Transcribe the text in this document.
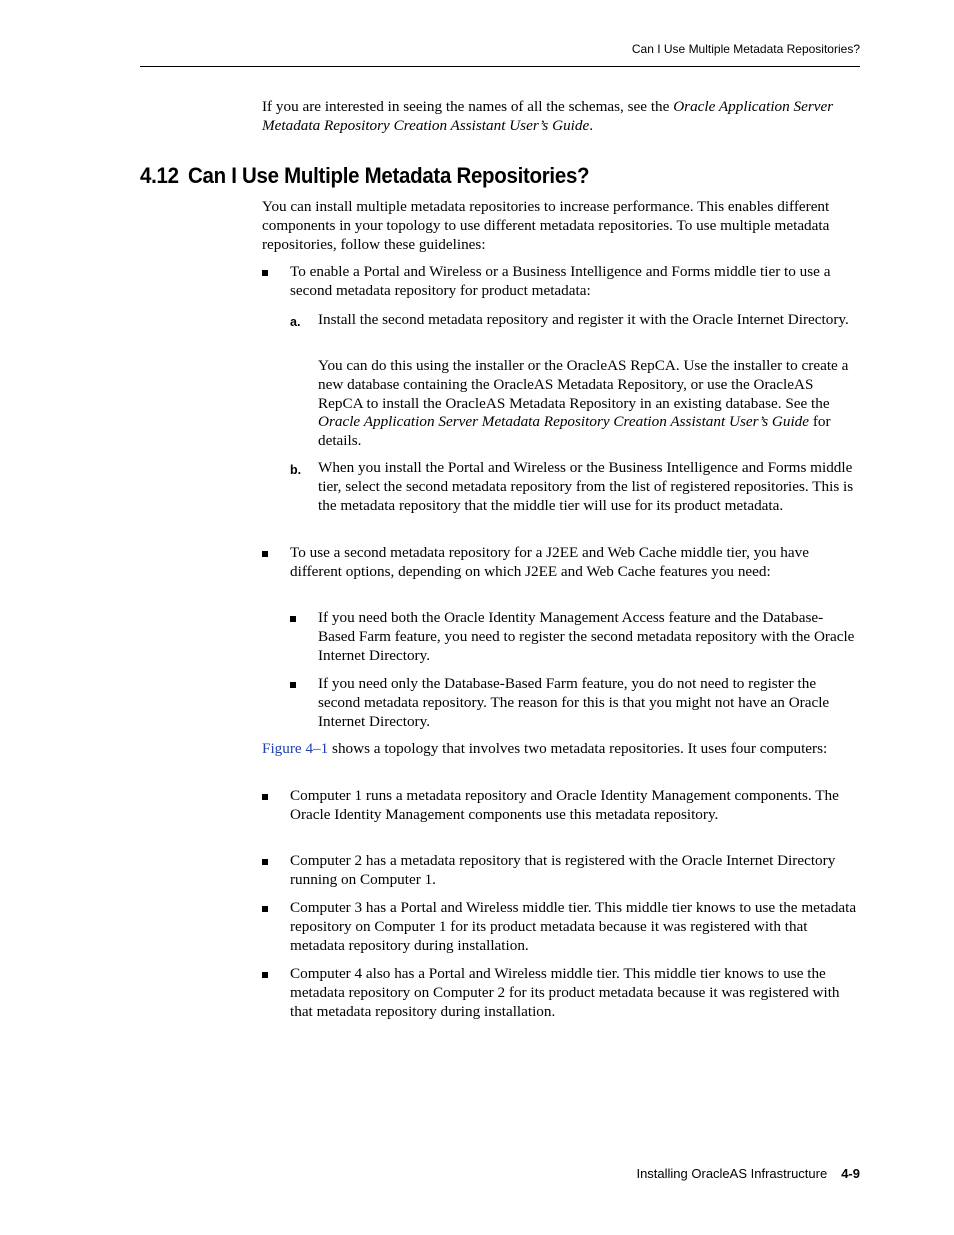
Can I Use Multiple Metadata Repositories?

If you are interested in seeing the names of all the schemas, see the Oracle Application Server Metadata Repository Creation Assistant User’s Guide.

4.12 Can I Use Multiple Metadata Repositories?

You can install multiple metadata repositories to increase performance. This enables different components in your topology to use different metadata repositories. To use multiple metadata repositories, follow these guidelines:

To enable a Portal and Wireless or a Business Intelligence and Forms middle tier to use a second metadata repository for product metadata:
a. Install the second metadata repository and register it with the Oracle Internet Directory.
You can do this using the installer or the OracleAS RepCA. Use the installer to create a new database containing the OracleAS Metadata Repository, or use the OracleAS RepCA to install the OracleAS Metadata Repository in an existing database. See the Oracle Application Server Metadata Repository Creation Assistant User’s Guide for details.
b. When you install the Portal and Wireless or the Business Intelligence and Forms middle tier, select the second metadata repository from the list of registered repositories. This is the metadata repository that the middle tier will use for its product metadata.
To use a second metadata repository for a J2EE and Web Cache middle tier, you have different options, depending on which J2EE and Web Cache features you need:
If you need both the Oracle Identity Management Access feature and the Database-Based Farm feature, you need to register the second metadata repository with the Oracle Internet Directory.
If you need only the Database-Based Farm feature, you do not need to register the second metadata repository. The reason for this is that you might not have an Oracle Internet Directory.

Figure 4–1 shows a topology that involves two metadata repositories. It uses four computers:

Computer 1 runs a metadata repository and Oracle Identity Management components. The Oracle Identity Management components use this metadata repository.
Computer 2 has a metadata repository that is registered with the Oracle Internet Directory running on Computer 1.
Computer 3 has a Portal and Wireless middle tier. This middle tier knows to use the metadata repository on Computer 1 for its product metadata because it was registered with that metadata repository during installation.
Computer 4 also has a Portal and Wireless middle tier. This middle tier knows to use the metadata repository on Computer 2 for its product metadata because it was registered with that metadata repository during installation.
Installing OracleAS Infrastructure 4-9
